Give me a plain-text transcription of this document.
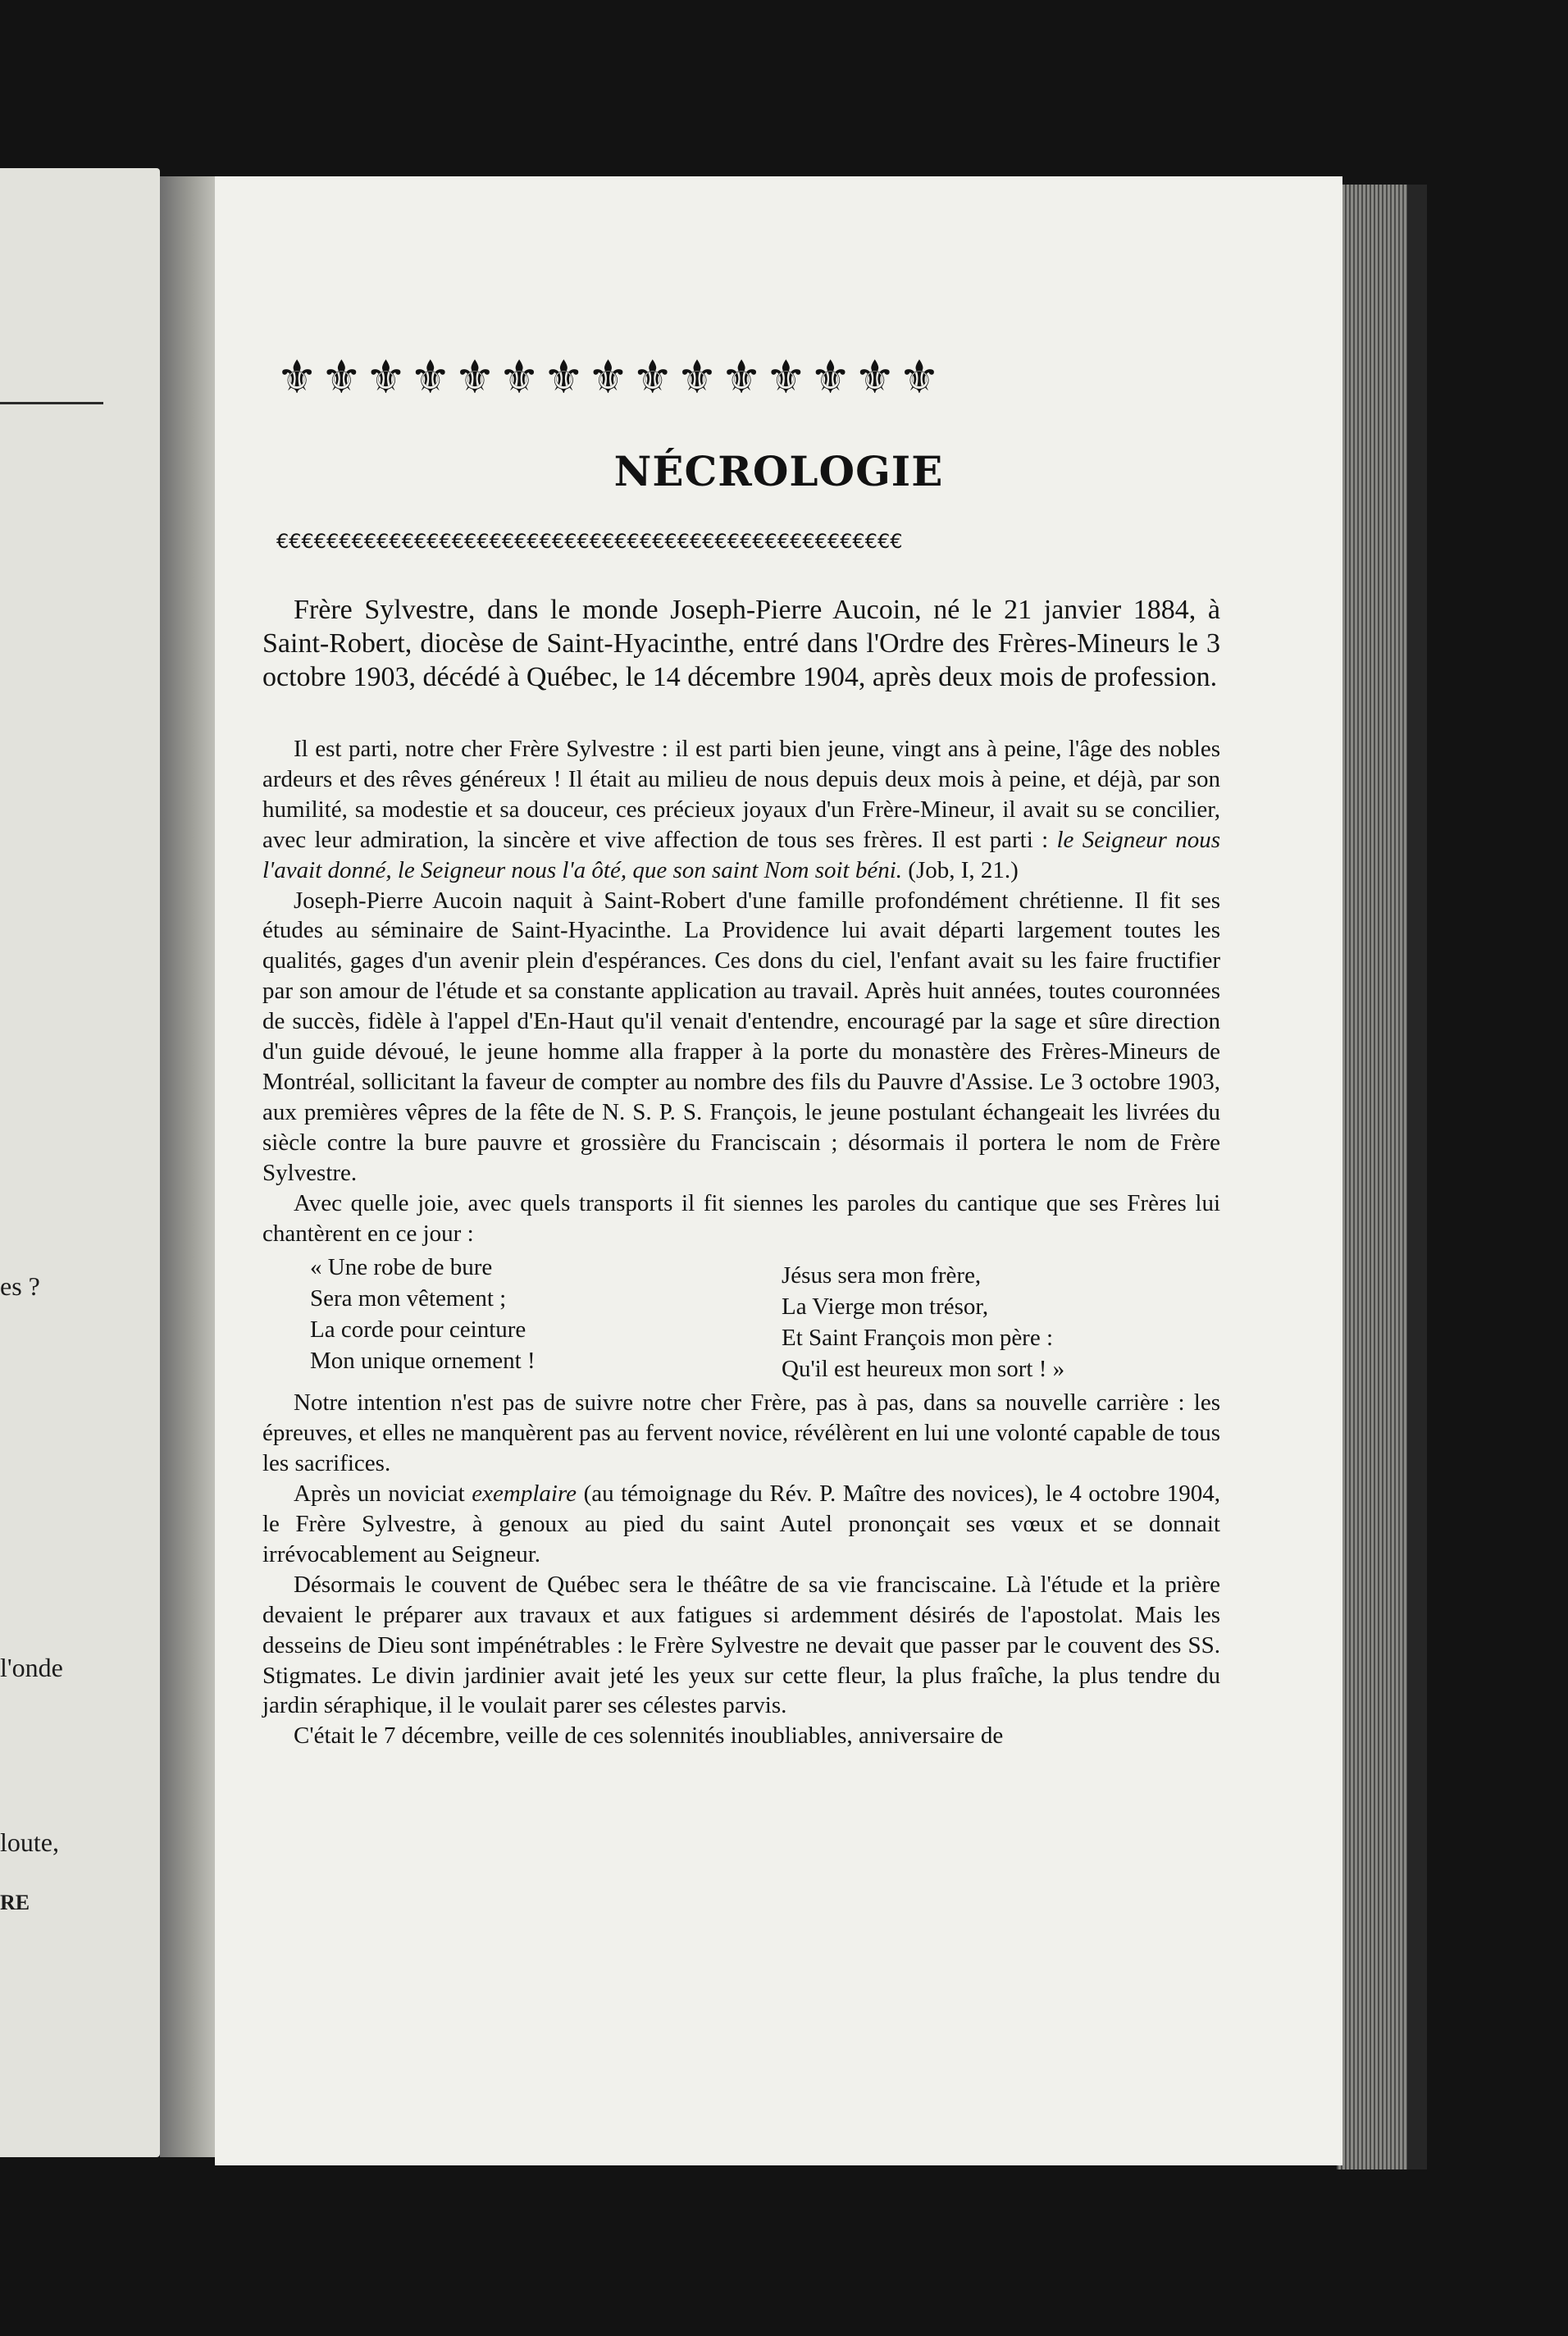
es ?
l'onde
loute,
RE
⚜⚜⚜⚜⚜⚜⚜⚜⚜⚜⚜⚜⚜⚜⚜
NÉCROLOGIE
€€€€€€€€€€€€€€€€€€€€€€€€€€€€€€€€€€€€€€€€€€€€€€€€€€

Frère Sylvestre, dans le monde Joseph-Pierre Aucoin, né le 21 janvier 1884, à Saint-Robert, diocèse de Saint-Hyacinthe, entré dans l'Ordre des Frères-Mineurs le 3 octobre 1903, décédé à Québec, le 14 décembre 1904, après deux mois de profession.

Il est parti, notre cher Frère Sylvestre : il est parti bien jeune, vingt ans à peine, l'âge des nobles ardeurs et des rêves généreux ! Il était au milieu de nous depuis deux mois à peine, et déjà, par son humilité, sa modestie et sa douceur, ces précieux joyaux d'un Frère-Mineur, il avait su se concilier, avec leur admiration, la sincère et vive affection de tous ses frères. Il est parti : le Seigneur nous l'avait donné, le Seigneur nous l'a ôté, que son saint Nom soit béni. (Job, I, 21.)

Joseph-Pierre Aucoin naquit à Saint-Robert d'une famille profondément chrétienne. Il fit ses études au séminaire de Saint-Hyacinthe. La Providence lui avait départi largement toutes les qualités, gages d'un avenir plein d'espérances. Ces dons du ciel, l'enfant avait su les faire fructifier par son amour de l'étude et sa constante application au travail. Après huit années, toutes couronnées de succès, fidèle à l'appel d'En-Haut qu'il venait d'entendre, encouragé par la sage et sûre direction d'un guide dévoué, le jeune homme alla frapper à la porte du monastère des Frères-Mineurs de Montréal, sollicitant la faveur de compter au nombre des fils du Pauvre d'Assise. Le 3 octobre 1903, aux premières vêpres de la fête de N. S. P. S. François, le jeune postulant échangeait les livrées du siècle contre la bure pauvre et grossière du Franciscain ; désormais il portera le nom de Frère Sylvestre.

Avec quelle joie, avec quels transports il fit siennes les paroles du cantique que ses Frères lui chantèrent en ce jour :

« Une robe de bure
Sera mon vêtement ;
La corde pour ceinture
Mon unique ornement !
Jésus sera mon frère,
La Vierge mon trésor,
Et Saint François mon père :
Qu'il est heureux mon sort ! »

Notre intention n'est pas de suivre notre cher Frère, pas à pas, dans sa nouvelle carrière : les épreuves, et elles ne manquèrent pas au fervent novice, révélèrent en lui une volonté capable de tous les sacrifices.

Après un noviciat exemplaire (au témoignage du Rév. P. Maître des novices), le 4 octobre 1904, le Frère Sylvestre, à genoux au pied du saint Autel prononçait ses vœux et se donnait irrévocablement au Seigneur.

Désormais le couvent de Québec sera le théâtre de sa vie franciscaine. Là l'étude et la prière devaient le préparer aux travaux et aux fatigues si ardemment désirés de l'apostolat. Mais les desseins de Dieu sont impénétrables : le Frère Sylvestre ne devait que passer par le couvent des SS. Stigmates. Le divin jardinier avait jeté les yeux sur cette fleur, la plus fraîche, la plus tendre du jardin séraphique, il le voulait parer ses célestes parvis.

C'était le 7 décembre, veille de ces solennités inoubliables, anniversaire de
